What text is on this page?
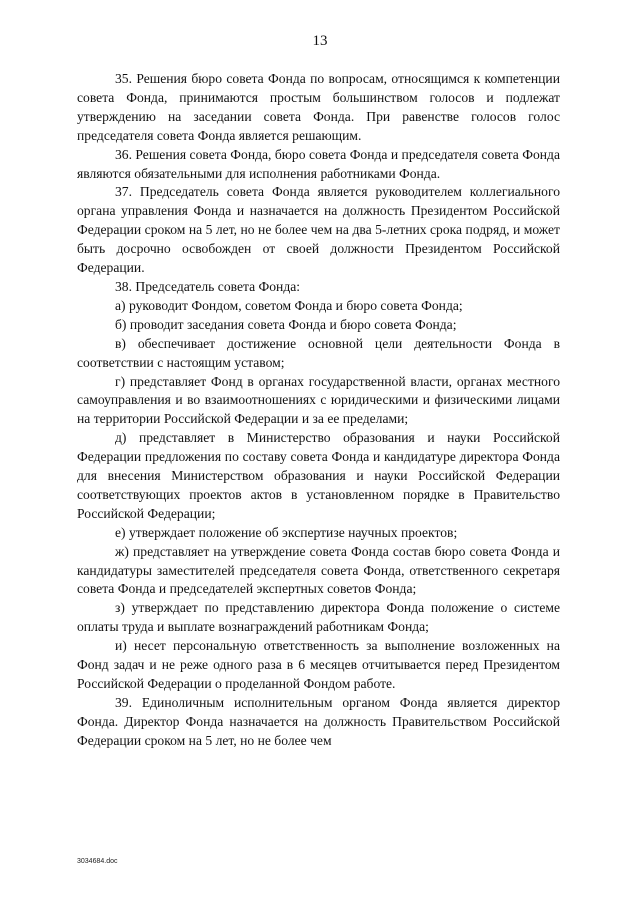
13

35. Решения бюро совета Фонда по вопросам, относящимся к компетенции совета Фонда, принимаются простым большинством голосов и подлежат утверждению на заседании совета Фонда. При равенстве голосов голос председателя совета Фонда является решающим.

36. Решения совета Фонда, бюро совета Фонда и председателя совета Фонда являются обязательными для исполнения работниками Фонда.

37. Председатель совета Фонда является руководителем коллегиального органа управления Фонда и назначается на должность Президентом Российской Федерации сроком на 5 лет, но не более чем на два 5-летних срока подряд, и может быть досрочно освобожден от своей должности Президентом Российской Федерации.

38. Председатель совета Фонда:

а) руководит Фондом, советом Фонда и бюро совета Фонда;

б) проводит заседания совета Фонда и бюро совета Фонда;

в) обеспечивает достижение основной цели деятельности Фонда в соответствии с настоящим уставом;

г) представляет Фонд в органах государственной власти, органах местного самоуправления и во взаимоотношениях с юридическими и физическими лицами на территории Российской Федерации и за ее пределами;

д) представляет в Министерство образования и науки Российской Федерации предложения по составу совета Фонда и кандидатуре директора Фонда для внесения Министерством образования и науки Российской Федерации соответствующих проектов актов в установленном порядке в Правительство Российской Федерации;

е) утверждает положение об экспертизе научных проектов;

ж) представляет на утверждение совета Фонда состав бюро совета Фонда и кандидатуры заместителей председателя совета Фонда, ответственного секретаря совета Фонда и председателей экспертных советов Фонда;

з) утверждает по представлению директора Фонда положение о системе оплаты труда и выплате вознаграждений работникам Фонда;

и) несет персональную ответственность за выполнение возложенных на Фонд задач и не реже одного раза в 6 месяцев отчитывается перед Президентом Российской Федерации о проделанной Фондом работе.

39. Единоличным исполнительным органом Фонда является директор Фонда. Директор Фонда назначается на должность Правительством Российской Федерации сроком на 5 лет, но не более чем

3034684.doc
